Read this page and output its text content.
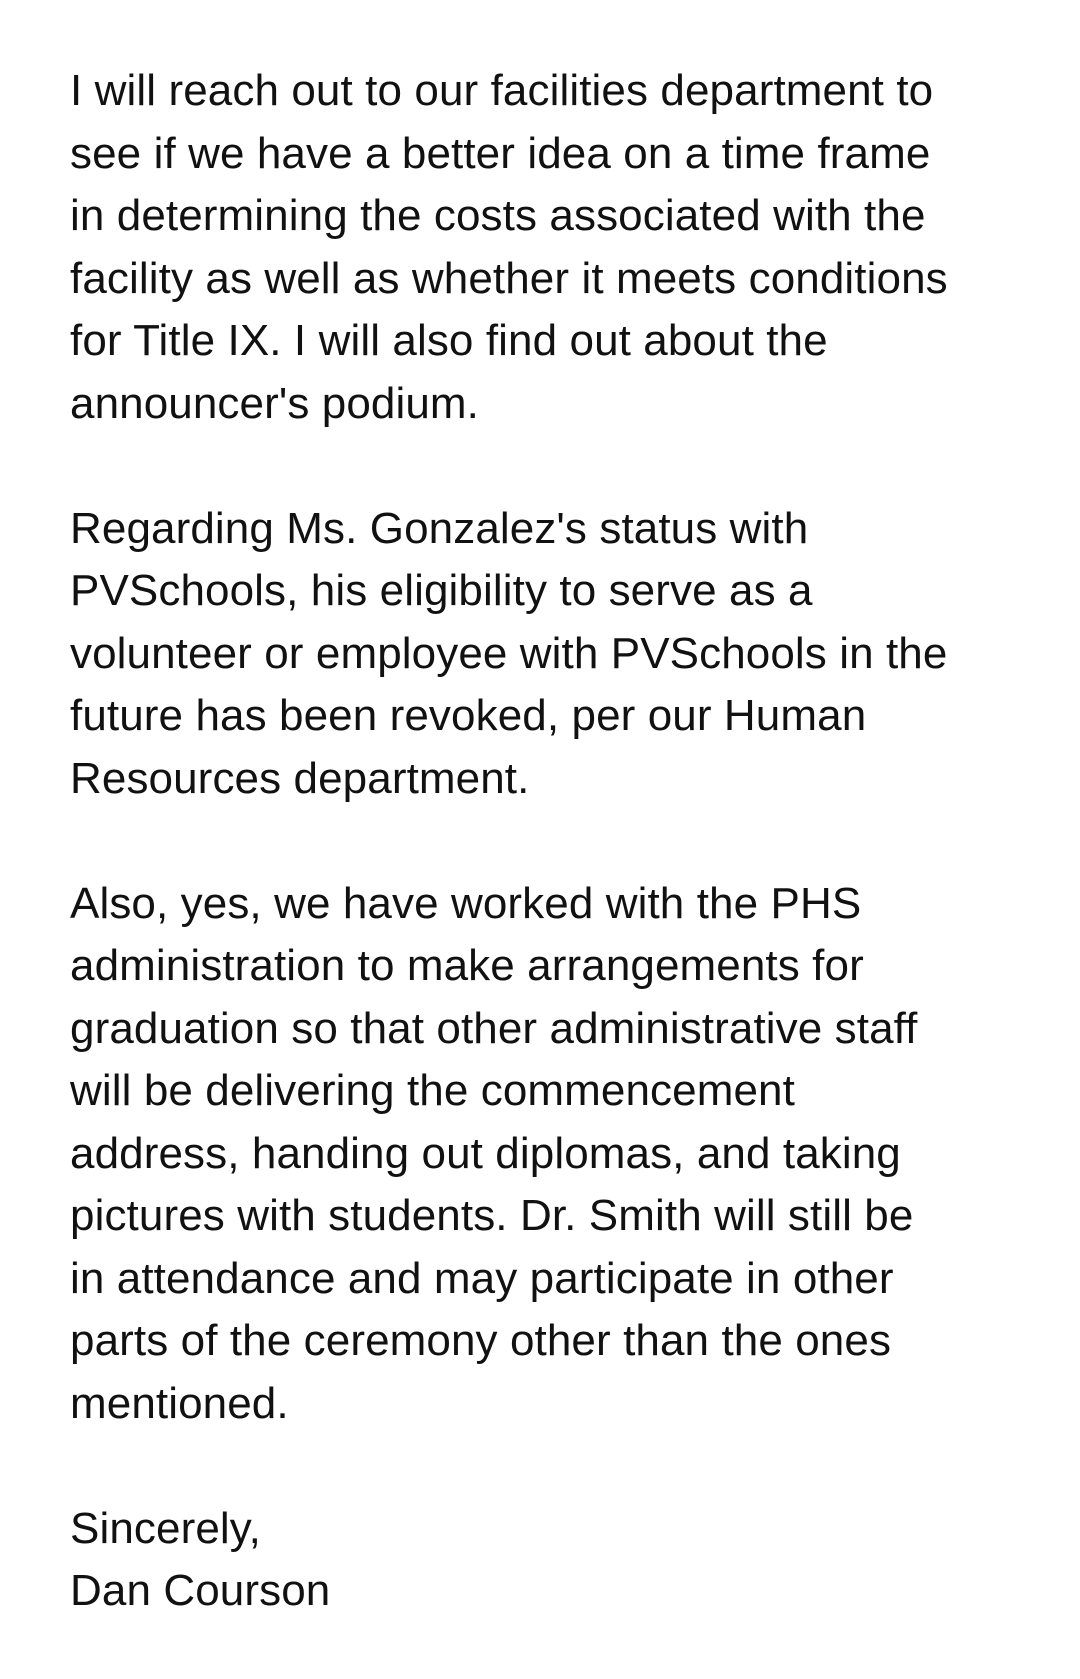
I will reach out to our facilities department to
see if we have a better idea on a time frame
in determining the costs associated with the
facility as well as whether it meets conditions
for Title IX. I will also find out about the
announcer's podium.

Regarding Ms. Gonzalez's status with
PVSchools, his eligibility to serve as a
volunteer or employee with PVSchools in the
future has been revoked, per our Human
Resources department.

Also, yes, we have worked with the PHS
administration to make arrangements for
graduation so that other administrative staff
will be delivering the commencement
address, handing out diplomas, and taking
pictures with students. Dr. Smith will still be
in attendance and may participate in other
parts of the ceremony other than the ones
mentioned.

Sincerely,
Dan Courson
